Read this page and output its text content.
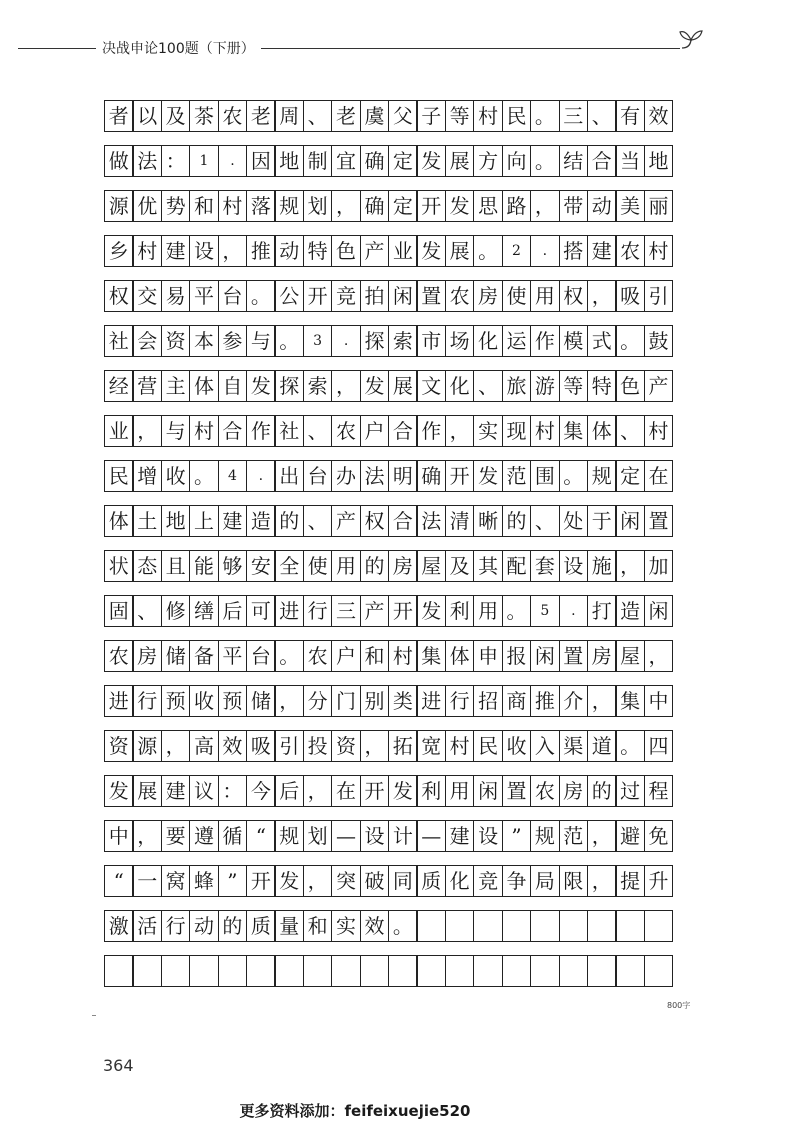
决战申论100题（下册）
者 以 及 茶 农 老 周 、 老 虞 父 子 等 村 民 。 三 、 有 效
做 法 ： 1	. 因 地 制 宜 确 定 发 展 方 向 。 结 合 当 地
源 优 势 和 村 落 规 划 ， 确 定 开 发 思 路 ， 带 动 美 丽
乡 村 建 设 ， 推 动 特 色 产 业 发 展 。 2	. 搭 建 农 村
权 交 易 平 台 。 公 开 竞 拍 闲 置 农 房 使 用 权 ， 吸 引
社 会 资 本 参 与 。 3	. 探 索 市 场 化 运 作 模 式 。 鼓
经 营 主 体 自 发 探 索 ， 发 展 文 化 、 旅 游 等 特 色 产
业 ， 与 村 合 作 社 、 农 户 合 作 ， 实 现 村 集 体 、 村
民 增 收 。 4	. 出 台 办 法 明 确 开 发 范 围 。 规 定 在
体 土 地 上 建 造 的 、 产 权 合 法 清 晰 的 、 处 于 闲 置
状 态 且 能 够 安 全 使 用 的 房 屋 及 其 配 套 设 施 ， 加
固 、 修 缮 后 可 进 行 三 产 开 发 利 用 。 5	. 打 造 闲
农 房 储 备 平 台 。 农 户 和 村 集 体 申 报 闲 置 房 屋 ，
进 行 预 收 预 储 ， 分 门 别 类 进 行 招 商 推 介 ， 集 中
资 源 ， 高 效 吸 引 投 资 ， 拓 宽 村 民 收 入 渠 道 。 四
发 展 建 议 ： 今 后 ， 在 开 发 利 用 闲 置 农 房 的 过 程
中 ， 要 遵 循 “ 规 划 — 设 计 — 建 设 ” 规 范 ， 避 免
“ 一 窝 蜂 ” 开 发 ， 突 破 同 质 化 竞 争 局 限 ， 提 升
激 活 行 动 的 质 量 和 实 效 。
800字
364
更多资料添加：feifeixuejie520
